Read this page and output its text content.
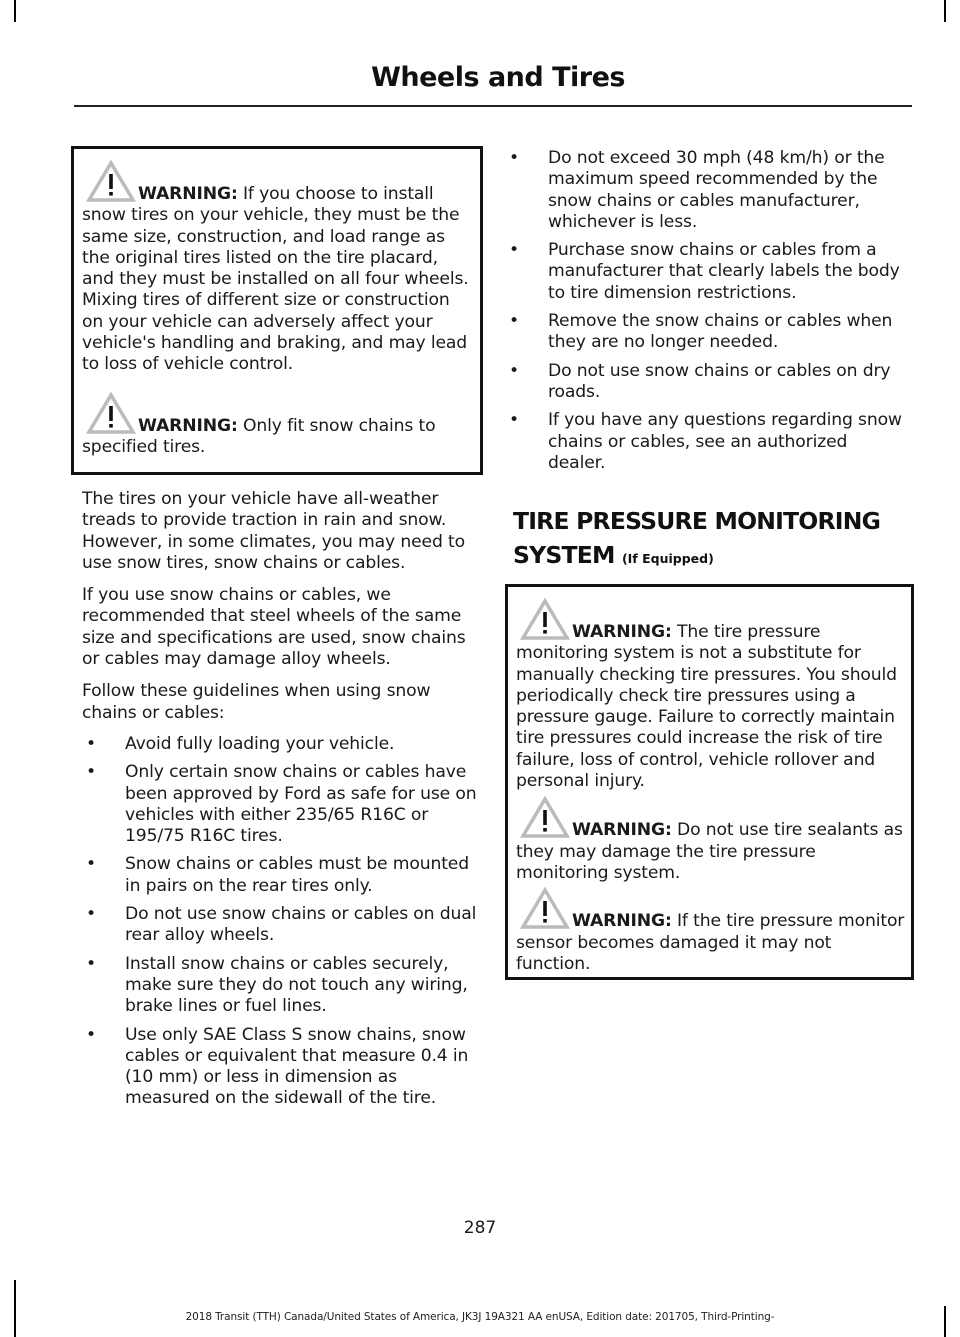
Wheels and Tires
WARNING: If you choose to install snow tires on your vehicle, they must be the same size, construction, and load range as the original tires listed on the tire placard, and they must be installed on all four wheels. Mixing tires of different size or construction on your vehicle can adversely affect your vehicle's handling and braking, and may lead to loss of vehicle control.
WARNING: Only fit snow chains to specified tires.

The tires on your vehicle have all-weather treads to provide traction in rain and snow. However, in some climates, you may need to use snow tires, snow chains or cables.

If you use snow chains or cables, we recommended that steel wheels of the same size and specifications are used, snow chains or cables may damage alloy wheels.

Follow these guidelines when using snow chains or cables:

• Avoid fully loading your vehicle.
• Only certain snow chains or cables have been approved by Ford as safe for use on vehicles with either 235/65 R16C or 195/75 R16C tires.
• Snow chains or cables must be mounted in pairs on the rear tires only.
• Do not use snow chains or cables on dual rear alloy wheels.
• Install snow chains or cables securely, make sure they do not touch any wiring, brake lines or fuel lines.
• Use only SAE Class S snow chains, snow cables or equivalent that measure 0.4 in (10 mm) or less in dimension as measured on the sidewall of the tire.
• Do not exceed 30 mph (48 km/h) or the maximum speed recommended by the snow chains or cables manufacturer, whichever is less.
• Purchase snow chains or cables from a manufacturer that clearly labels the body to tire dimension restrictions.
• Remove the snow chains or cables when they are no longer needed.
• Do not use snow chains or cables on dry roads.
• If you have any questions regarding snow chains or cables, see an authorized dealer.
TIRE PRESSURE MONITORING
SYSTEM (If Equipped)
WARNING: The tire pressure monitoring system is not a substitute for manually checking tire pressures. You should periodically check tire pressures using a pressure gauge. Failure to correctly maintain tire pressures could increase the risk of tire failure, loss of control, vehicle rollover and personal injury.
WARNING: Do not use tire sealants as they may damage the tire pressure monitoring system.
WARNING: If the tire pressure monitor sensor becomes damaged it may not function.
287
2018 Transit (TTH) Canada/United States of America, JK3J 19A321 AA enUSA, Edition date: 201705, Third-Printing-
